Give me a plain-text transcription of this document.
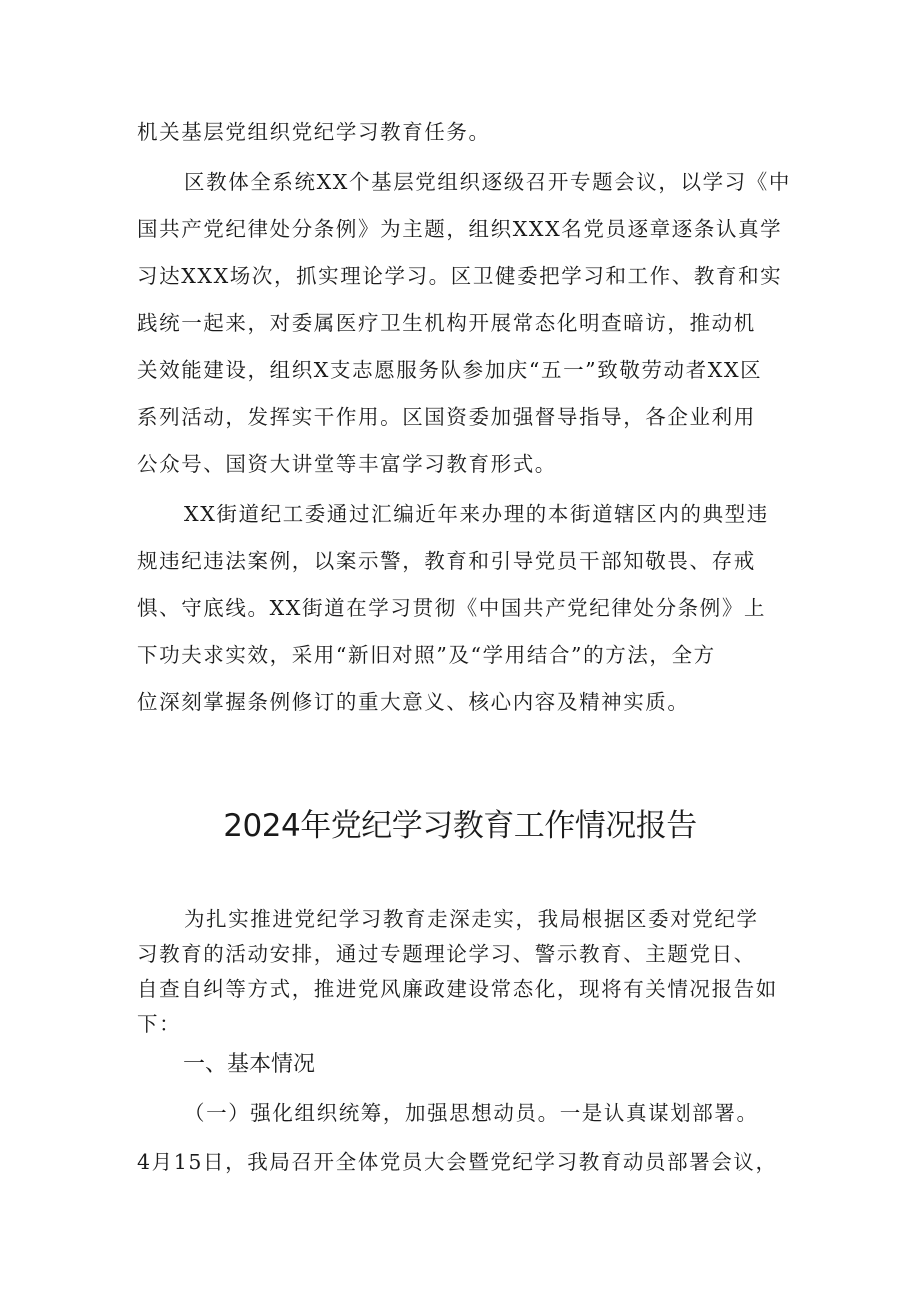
机关基层党组织党纪学习教育任务。
区教体全系统XX个基层党组织逐级召开专题会议，以学习《中
国共产党纪律处分条例》为主题，组织XXX名党员逐章逐条认真学
习达XXX场次，抓实理论学习。区卫健委把学习和工作、教育和实
践统一起来，对委属医疗卫生机构开展常态化明查暗访，推动机
关效能建设，组织X支志愿服务队参加庆“五一”致敬劳动者XX区
系列活动，发挥实干作用。区国资委加强督导指导，各企业利用
公众号、国资大讲堂等丰富学习教育形式。
XX街道纪工委通过汇编近年来办理的本街道辖区内的典型违
规违纪违法案例，以案示警，教育和引导党员干部知敬畏、存戒
惧、守底线。XX街道在学习贯彻《中国共产党纪律处分条例》上
下功夫求实效，采用“新旧对照”及“学用结合”的方法，全方
位深刻掌握条例修订的重大意义、核心内容及精神实质。
2024年党纪学习教育工作情况报告
为扎实推进党纪学习教育走深走实，我局根据区委对党纪学
习教育的活动安排，通过专题理论学习、警示教育、主题党日、
自查自纠等方式，推进党风廉政建设常态化，现将有关情况报告如
下：
一、基本情况
（一）强化组织统筹，加强思想动员。一是认真谋划部署。
4月15日，我局召开全体党员大会暨党纪学习教育动员部署会议，
